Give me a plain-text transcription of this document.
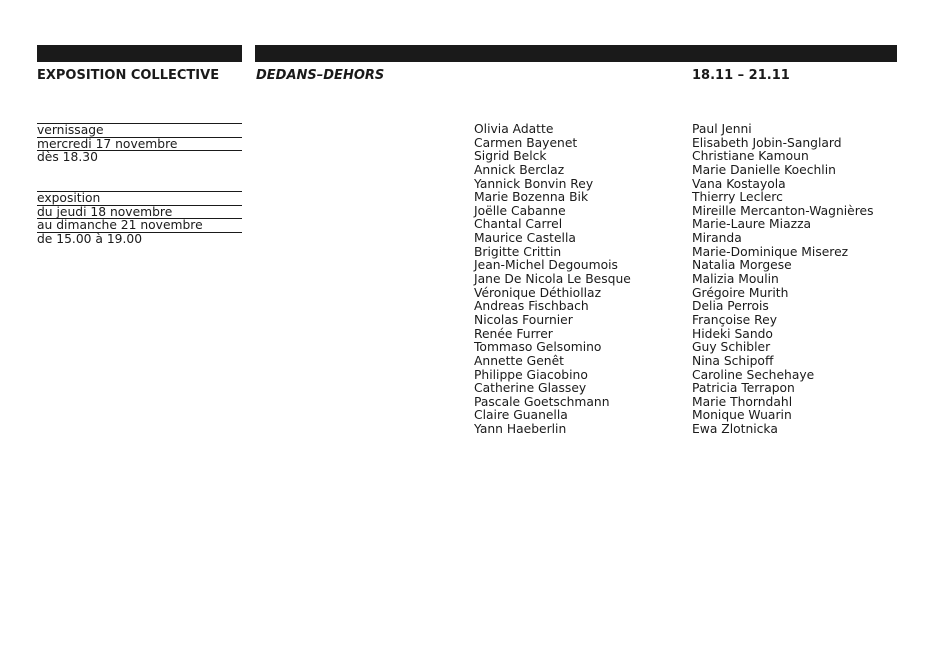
EXPOSITION COLLECTIVE	DEDANS–DEHORS	18.11 – 21.11
vernissage
mercredi 17 novembre
dès 18.30
exposition
du jeudi 18 novembre
au dimanche 21 novembre
de 15.00 à 19.00
Olivia Adatte
Carmen Bayenet
Sigrid Belck
Annick Berclaz
Yannick Bonvin Rey
Marie Bozenna Bik
Joëlle Cabanne
Chantal Carrel
Maurice Castella
Brigitte Crittin
Jean-Michel Degoumois
Jane De Nicola Le Besque
Véronique Déthiollaz
Andreas Fischbach
Nicolas Fournier
Renée Furrer
Tommaso Gelsomino
Annette Genêt
Philippe Giacobino
Catherine Glassey
Pascale Goetschmann
Claire Guanella
Yann Haeberlin
Paul Jenni
Elisabeth Jobin-Sanglard
Christiane Kamoun
Marie Danielle Koechlin
Vana Kostayola
Thierry Leclerc
Mireille Mercanton-Wagnières
Marie-Laure Miazza
Miranda
Marie-Dominique Miserez
Natalia Morgese
Malizia Moulin
Grégoire Murith
Delia Perrois
Françoise Rey
Hideki Sando
Guy Schibler
Nina Schipoff
Caroline Sechehaye
Patricia Terrapon
Marie Thorndahl
Monique Wuarin
Ewa Zlotnicka
